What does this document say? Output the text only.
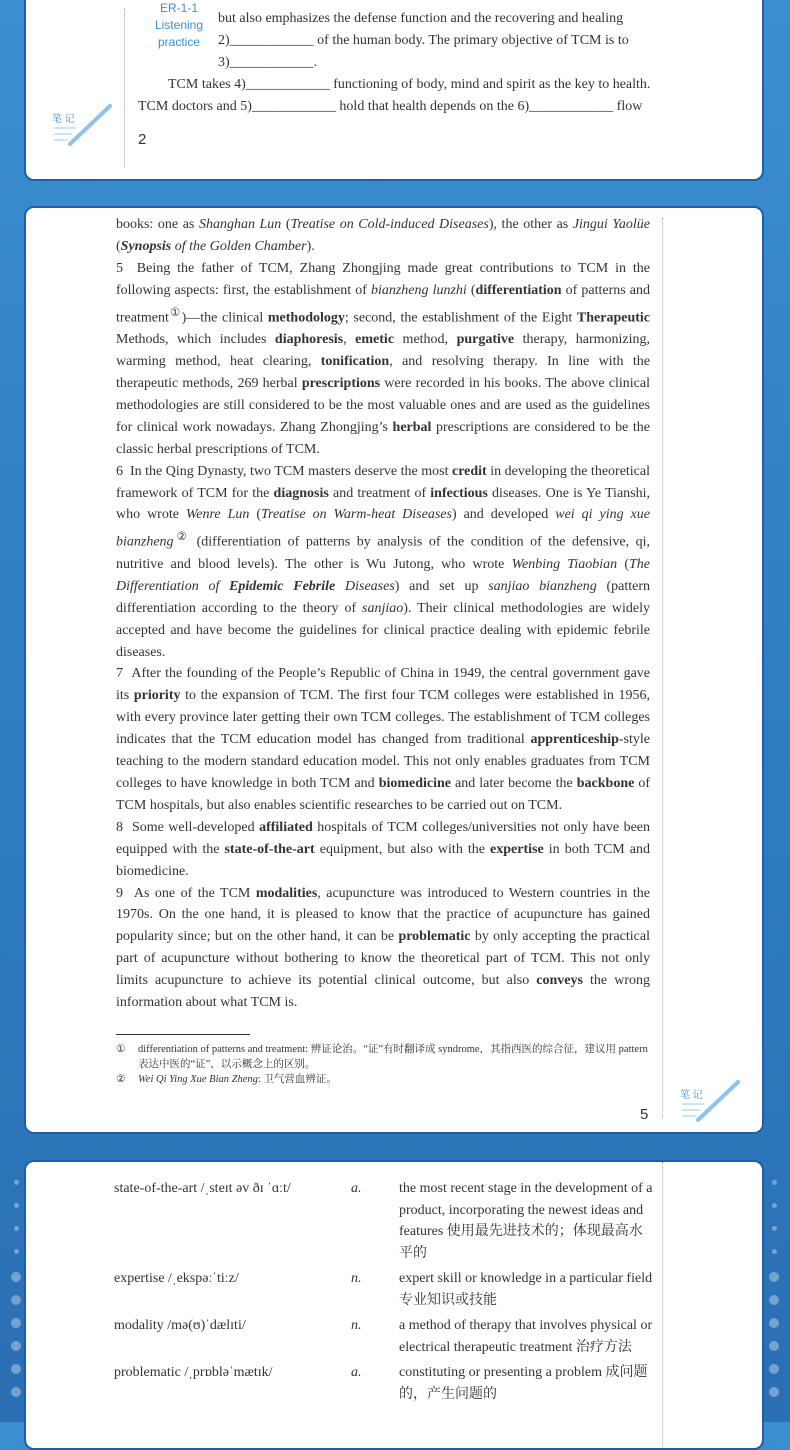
ER-1-1
Listening
practice

but also emphasizes the defense function and the recovering and healing

2)____________ of the human body. The primary objective of TCM is to

3)____________.

TCM takes 4)____________ functioning of body, mind and spirit as the key to health.

TCM doctors and 5)____________ hold that health depends on the 6)____________ flow

笔 记
2

books: one as Shanghan Lun (Treatise on Cold-induced Diseases), the other as Jingui Yaolüe (Synopsis of the Golden Chamber).

5  Being the father of TCM, Zhang Zhongjing made great contributions to TCM in the following aspects: first, the establishment of bianzheng lunzhi (differentiation of patterns and treatment①)—the clinical methodology; second, the establishment of the Eight Therapeutic Methods, which includes diaphoresis, emetic method, purgative therapy, harmonizing, warming method, heat clearing, tonification, and resolving therapy. In line with the therapeutic methods, 269 herbal prescriptions were recorded in his books. The above clinical methodologies are still considered to be the most valuable ones and are used as the guidelines for clinical work nowadays. Zhang Zhongjing’s herbal prescriptions are considered to be the classic herbal prescriptions of TCM.

6  In the Qing Dynasty, two TCM masters deserve the most credit in developing the theoretical framework of TCM for the diagnosis and treatment of infectious diseases. One is Ye Tianshi, who wrote Wenre Lun (Treatise on Warm-heat Diseases) and developed wei qi ying xue bianzheng② (differentiation of patterns by analysis of the condition of the defensive, qi, nutritive and blood levels). The other is Wu Jutong, who wrote Wenbing Tiaobian (The Differentiation of Epidemic Febrile Diseases) and set up sanjiao bianzheng (pattern differentiation according to the theory of sanjiao). Their clinical methodologies are widely accepted and have become the guidelines for clinical practice dealing with epidemic febrile diseases.

7  After the founding of the People’s Republic of China in 1949, the central government gave its priority to the expansion of TCM. The first four TCM colleges were established in 1956, with every province later getting their own TCM colleges. The establishment of TCM colleges indicates that the TCM education model has changed from traditional apprenticeship-style teaching to the modern standard education model. This not only enables graduates from TCM colleges to have knowledge in both TCM and biomedicine and later become the backbone of TCM hospitals, but also enables scientific researches to be carried out on TCM.

8  Some well-developed affiliated hospitals of TCM colleges/universities not only have been equipped with the state-of-the-art equipment, but also with the expertise in both TCM and biomedicine.

9  As one of the TCM modalities, acupuncture was introduced to Western countries in the 1970s. On the one hand, it is pleased to know that the practice of acupuncture has gained popularity since; but on the other hand, it can be problematic by only accepting the practical part of acupuncture without bothering to know the theoretical part of TCM. This not only limits acupuncture to achieve its potential clinical outcome, but also conveys the wrong information about what TCM is.

①	differentiation of patterns and treatment: 辨证论治。“证”有时翻译成 syndrome，其指西医的综合征，建议用 pattern 表达中医的“证”，以示概念上的区别。
②	Wei Qi Ying Xue Bian Zheng: 卫气营血辨证。
5
笔 记
state-of-the-art /ˌsteɪt əv ðɪ ˈɑːt/	a.	the most recent stage in the development of a product, incorporating the newest ideas and features 使用最先进技术的；体现最高水平的
expertise /ˌekspəːˈtiːz/	n.	expert skill or knowledge in a particular field 专业知识或技能
modality /mə(ʊ)ˈdælɪti/	n.	a method of therapy that involves physical or electrical therapeutic treatment 治疗方法
problematic /ˌprɒbləˈmætɪk/	a.	constituting or presenting a problem 成问题的，产生问题的
